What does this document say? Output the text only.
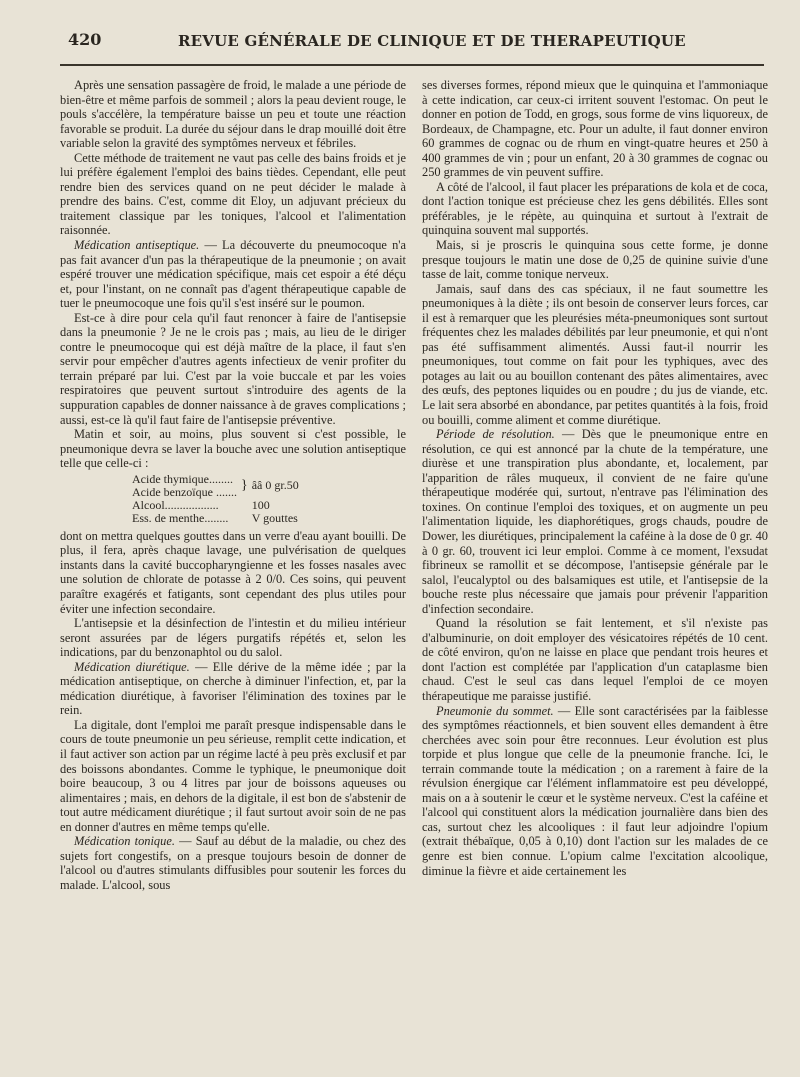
420	REVUE GÉNÉRALE DE CLINIQUE ET DE THERAPEUTIQUE

Après une sensation passagère de froid, le malade a une période de bien-être et même parfois de sommeil ; alors la peau devient rouge, le pouls s'accélère, la température baisse un peu et toute une réaction favorable se produit. La durée du séjour dans le drap mouillé doit être variable selon la gravité des symptômes nerveux et fébriles.

Cette méthode de traitement ne vaut pas celle des bains froids et je lui préfère également l'emploi des bains tièdes. Cependant, elle peut rendre bien des services quand on ne peut décider le malade à prendre des bains. C'est, comme dit Eloy, un adjuvant précieux du traitement classique par les toniques, l'alcool et l'alimentation raisonnée.

Médication antiseptique. — La découverte du pneumocoque n'a pas fait avancer d'un pas la thérapeutique de la pneumonie ; on avait espéré trouver une médication spécifique, mais cet espoir a été déçu et, pour l'instant, on ne connaît pas d'agent thérapeutique capable de tuer le pneumocoque une fois qu'il s'est inséré sur le poumon.

Est-ce à dire pour cela qu'il faut renoncer à faire de l'antisepsie dans la pneumonie ? Je ne le crois pas ; mais, au lieu de le diriger contre le pneumocoque qui est déjà maître de la place, il faut s'en servir pour empêcher d'autres agents infectieux de venir profiter du terrain préparé par lui. C'est par la voie buccale et par les voies respiratoires que peuvent surtout s'introduire des agents de la suppuration capables de donner naissance à de graves complications ; aussi, est-ce là qu'il faut faire de l'antisepsie préventive.

Matin et soir, au moins, plus souvent si c'est possible, le pneumonique devra se laver la bouche avec une solution antiseptique telle que celle-ci :

Acide thymique........	}	ââ 0 gr.50
Acide benzoïque .......		
Alcool..................		100
Ess. de menthe........		V gouttes

dont on mettra quelques gouttes dans un verre d'eau ayant bouilli. De plus, il fera, après chaque lavage, une pulvérisation de quelques instants dans la cavité buccopharyngienne et les fosses nasales avec une solution de chlorate de potasse à 2 0/0. Ces soins, qui peuvent paraître exagérés et fatigants, sont cependant des plus utiles pour éviter une infection secondaire.

L'antisepsie et la désinfection de l'intestin et du milieu intérieur seront assurées par de légers purgatifs répétés et, selon les indications, par du benzonaphtol ou du salol.

Médication diurétique. — Elle dérive de la même idée ; par la médication antiseptique, on cherche à diminuer l'infection, et, par la médication diurétique, à favoriser l'élimination des toxines par le rein.

La digitale, dont l'emploi me paraît presque indispensable dans le cours de toute pneumonie un peu sérieuse, remplit cette indication, et il faut activer son action par un régime lacté à peu près exclusif et par des boissons abondantes. Comme le typhique, le pneumonique doit boire beaucoup, 3 ou 4 litres par jour de boissons aqueuses ou alimentaires ; mais, en dehors de la digitale, il est bon de s'abstenir de tout autre médicament diurétique ; il faut surtout avoir soin de ne pas en donner d'autres en même temps qu'elle.

Médication tonique. — Sauf au début de la maladie, ou chez des sujets fort congestifs, on a presque toujours besoin de donner de l'alcool ou d'autres stimulants diffusibles pour soutenir les forces du malade. L'alcool, sous

ses diverses formes, répond mieux que le quinquina et l'ammoniaque à cette indication, car ceux-ci irritent souvent l'estomac. On peut le donner en potion de Todd, en grogs, sous forme de vins liquoreux, de Bordeaux, de Champagne, etc. Pour un adulte, il faut donner environ 60 grammes de cognac ou de rhum en vingt-quatre heures et 250 à 400 grammes de vin ; pour un enfant, 20 à 30 grammes de cognac ou 250 grammes de vin peuvent suffire.

A côté de l'alcool, il faut placer les préparations de kola et de coca, dont l'action tonique est précieuse chez les gens débilités. Elles sont préférables, je le répète, au quinquina et surtout à l'extrait de quinquina souvent mal supportés.

Mais, si je proscris le quinquina sous cette forme, je donne presque toujours le matin une dose de 0,25 de quinine suivie d'une tasse de lait, comme tonique nerveux.

Jamais, sauf dans des cas spéciaux, il ne faut soumettre les pneumoniques à la diète ; ils ont besoin de conserver leurs forces, car il est à remarquer que les pleurésies méta-pneumoniques sont surtout fréquentes chez les malades débilités par leur pneumonie, et qui n'ont pas été suffisamment alimentés. Aussi faut-il nourrir les pneumoniques, tout comme on fait pour les typhiques, avec des potages au lait ou au bouillon contenant des pâtes alimentaires, avec des œufs, des peptones liquides ou en poudre ; du jus de viande, etc. Le lait sera absorbé en abondance, par petites quantités à la fois, froid ou bouilli, comme aliment et comme diurétique.

Période de résolution. — Dès que le pneumonique entre en résolution, ce qui est annoncé par la chute de la température, une diurèse et une transpiration plus abondante, et, localement, par l'apparition de râles muqueux, il convient de ne faire qu'une thérapeutique modérée qui, surtout, n'entrave pas l'élimination des toxines. On continue l'emploi des toxiques, et on augmente un peu l'alimentation liquide, les diaphorétiques, grogs chauds, poudre de Dower, les diurétiques, principalement la caféine à la dose de 0 gr. 40 à 0 gr. 60, trouvent ici leur emploi. Comme à ce moment, l'exsudat fibrineux se ramollit et se décompose, l'antisepsie générale par le salol, l'eucalyptol ou des balsamiques est utile, et l'antisepsie de la bouche reste plus nécessaire que jamais pour prévenir l'apparition d'infection secondaire.

Quand la résolution se fait lentement, et s'il n'existe pas d'albuminurie, on doit employer des vésicatoires répétés de 10 cent. de côté environ, qu'on ne laisse en place que pendant trois heures et dont l'action est complétée par l'application d'un cataplasme bien chaud. C'est le seul cas dans lequel l'emploi de ce moyen thérapeutique me paraisse justifié.

Pneumonie du sommet. — Elle sont caractérisées par la faiblesse des symptômes réactionnels, et bien souvent elles demandent à être cherchées avec soin pour être reconnues. Leur évolution est plus torpide et plus longue que celle de la pneumonie franche. Ici, le terrain commande toute la médication ; on a rarement à faire de la révulsion énergique car l'élément inflammatoire est peu développé, mais on a à soutenir le cœur et le système nerveux. C'est la caféine et l'alcool qui constituent alors la médication journalière dans bien des cas, surtout chez les alcooliques : il faut leur adjoindre l'opium (extrait thébaïque, 0,05 à 0,10) dont l'action sur les malades de ce genre est bien connue. L'opium calme l'excitation alcoolique, diminue la fièvre et aide certainement les
